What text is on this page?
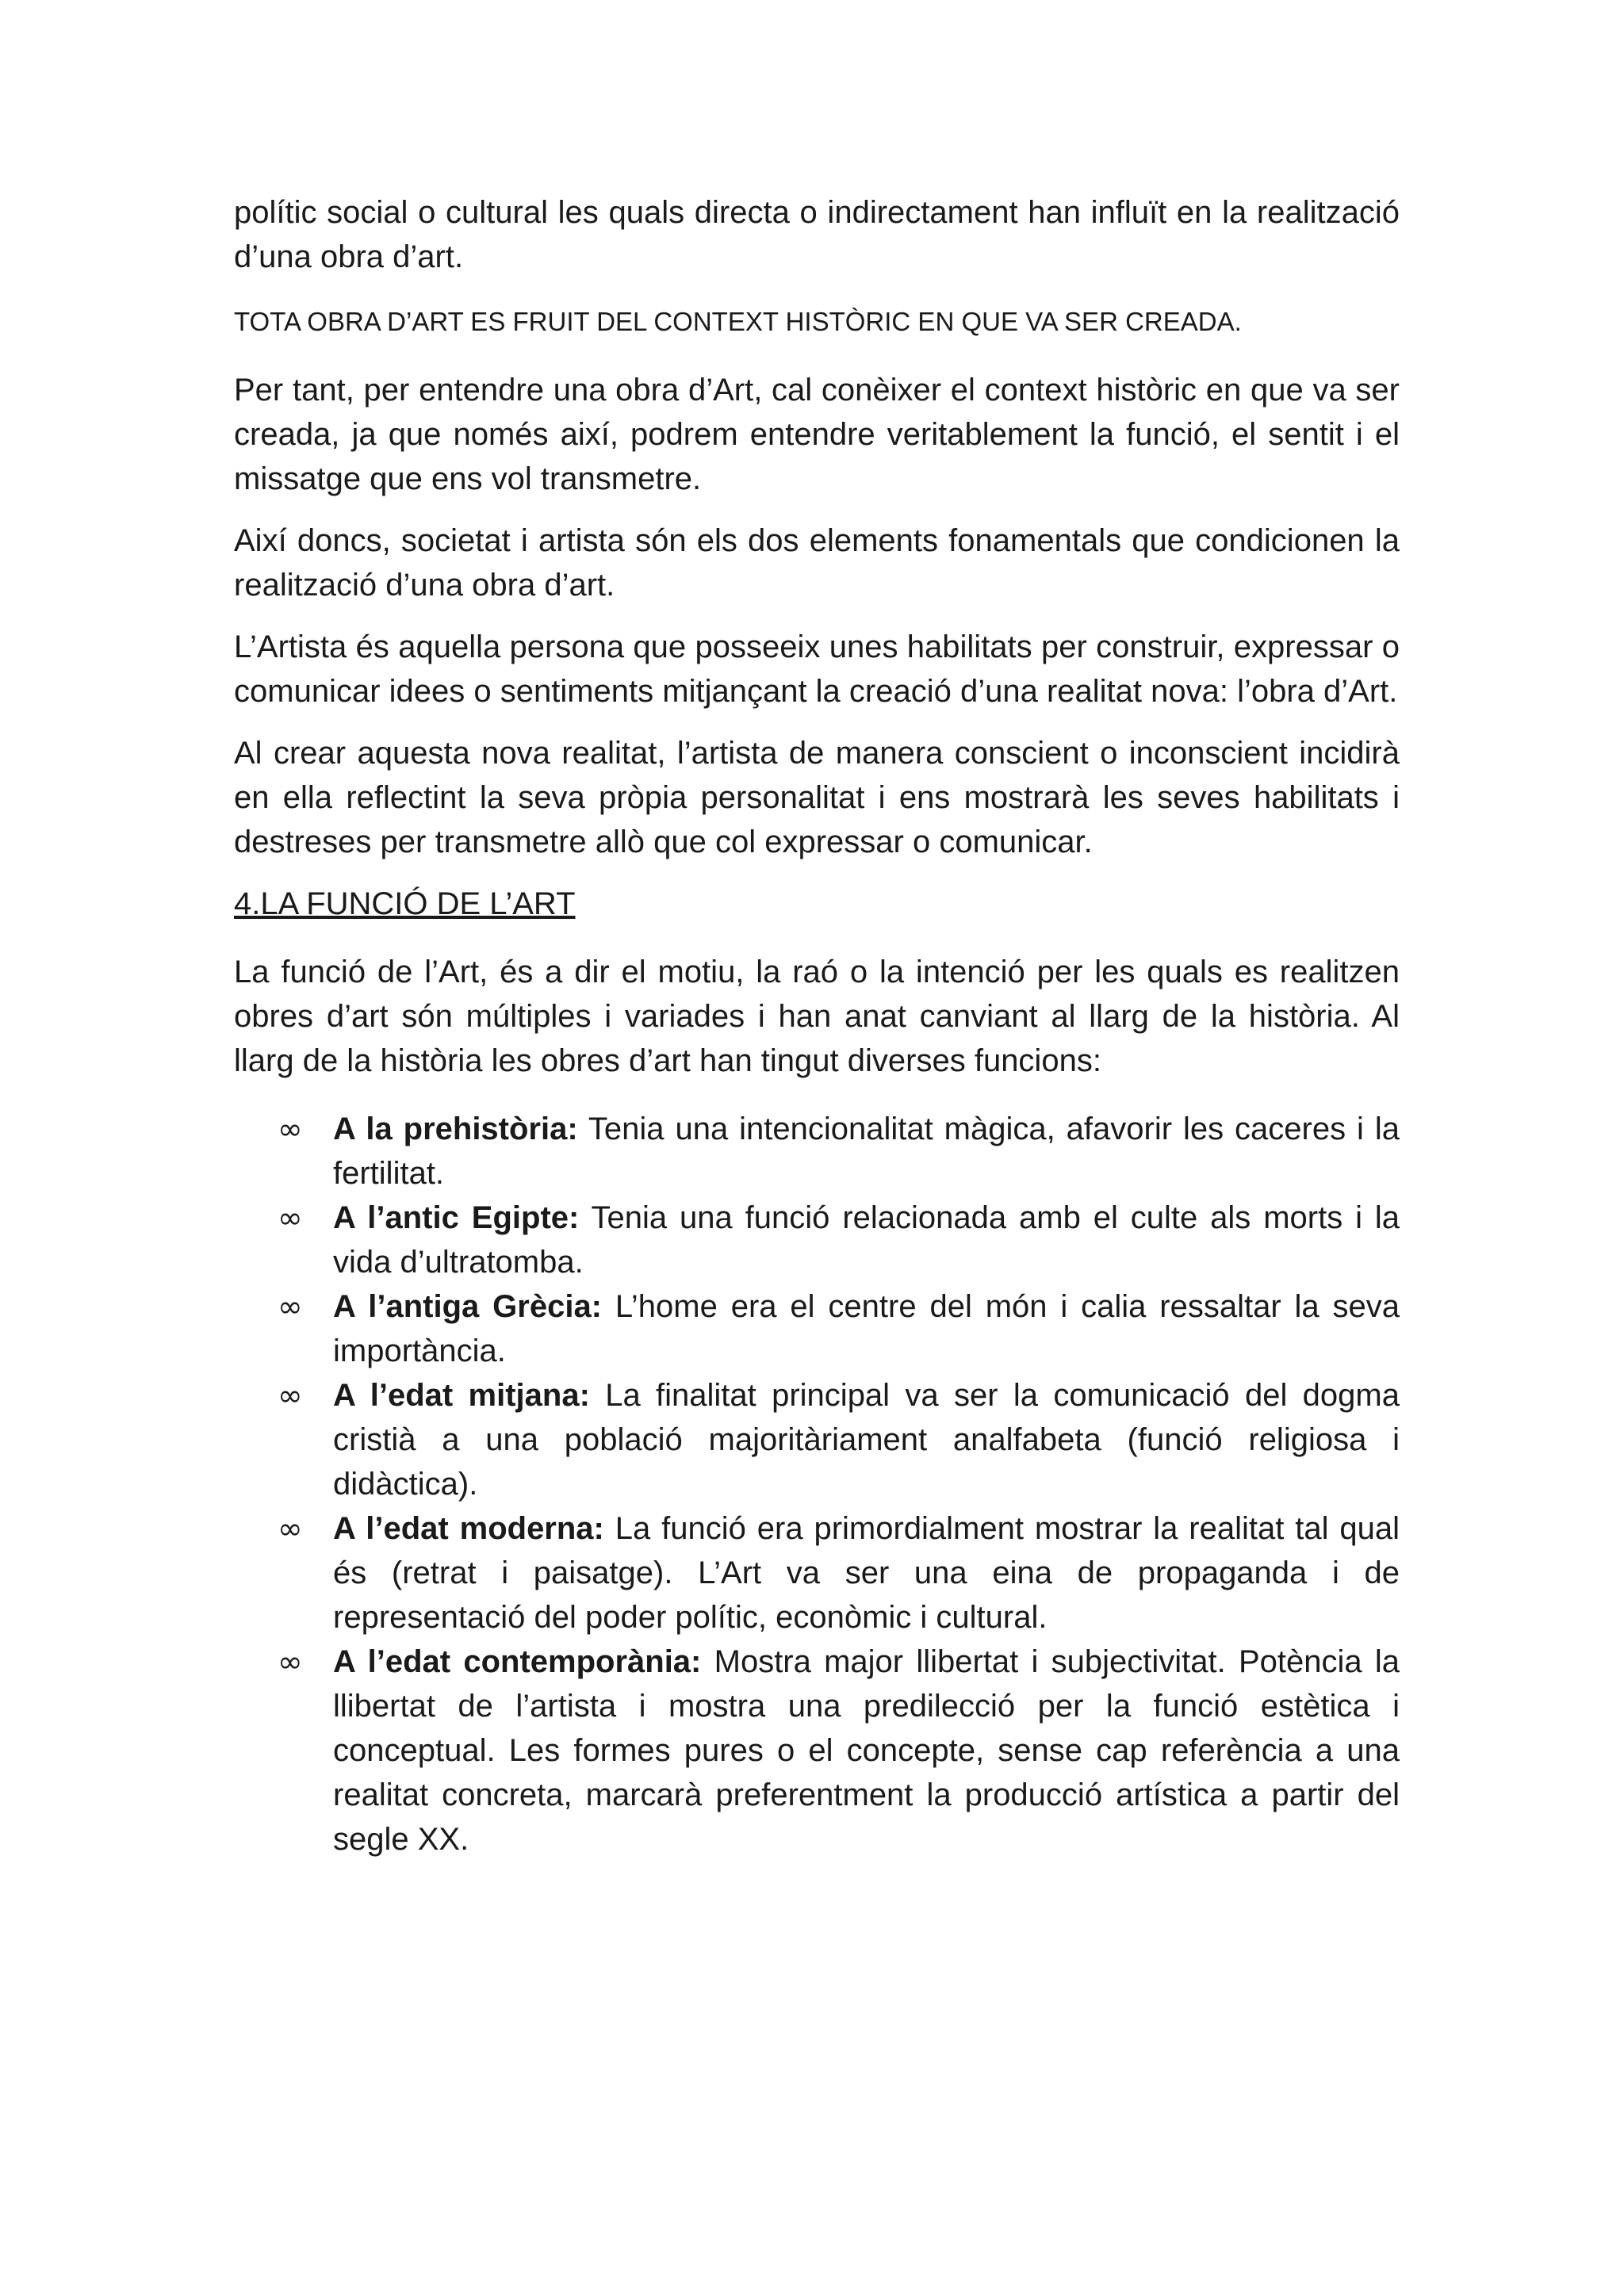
polític social o cultural les quals directa o indirectament han influït en la realització d’una obra d’art.

TOTA OBRA D’ART ES FRUIT DEL CONTEXT HISTÒRIC EN QUE VA SER CREADA.

Per tant, per entendre una obra d’Art, cal conèixer el context històric en que va ser creada, ja que només així, podrem entendre veritablement la funció, el sentit i el missatge que ens vol transmetre.

Així doncs, societat i artista són els dos elements fonamentals que condicionen la realització d’una obra d’art.

L’Artista és aquella persona que posseeix unes habilitats per construir, expressar o comunicar idees o sentiments mitjançant la creació d’una realitat nova: l’obra d’Art.

Al crear aquesta nova realitat, l’artista de manera conscient o inconscient incidirà en ella reflectint la seva pròpia personalitat i ens mostrarà les seves habilitats i destreses per transmetre allò que col expressar o comunicar.

4.LA FUNCIÓ DE L’ART

La funció de l’Art, és a dir el motiu, la raó o la intenció per les quals es realitzen obres d’art són múltiples i variades i han anat canviant al llarg de la història. Al llarg de la història les obres d’art han tingut diverses funcions:

∞ A la prehistòria: Tenia una intencionalitat màgica, afavorir les caceres i la fertilitat.
∞ A l’antic Egipte: Tenia una funció relacionada amb el culte als morts i la vida d’ultratomba.
∞ A l’antiga Grècia: L’home era el centre del món i calia ressaltar la seva importància.
∞ A l’edat mitjana: La finalitat principal va ser la comunicació del dogma cristià a una població majoritàriament analfabeta (funció religiosa i didàctica).
∞ A l’edat moderna: La funció era primordialment mostrar la realitat tal qual és (retrat i paisatge). L’Art va ser una eina de propaganda i de representació del poder polític, econòmic i cultural.
∞ A l’edat contemporània: Mostra major llibertat i subjectivitat. Potència la llibertat de l’artista i mostra una predilecció per la funció estètica i conceptual. Les formes pures o el concepte, sense cap referència a una realitat concreta, marcarà preferentment la producció artística a partir del segle XX.
